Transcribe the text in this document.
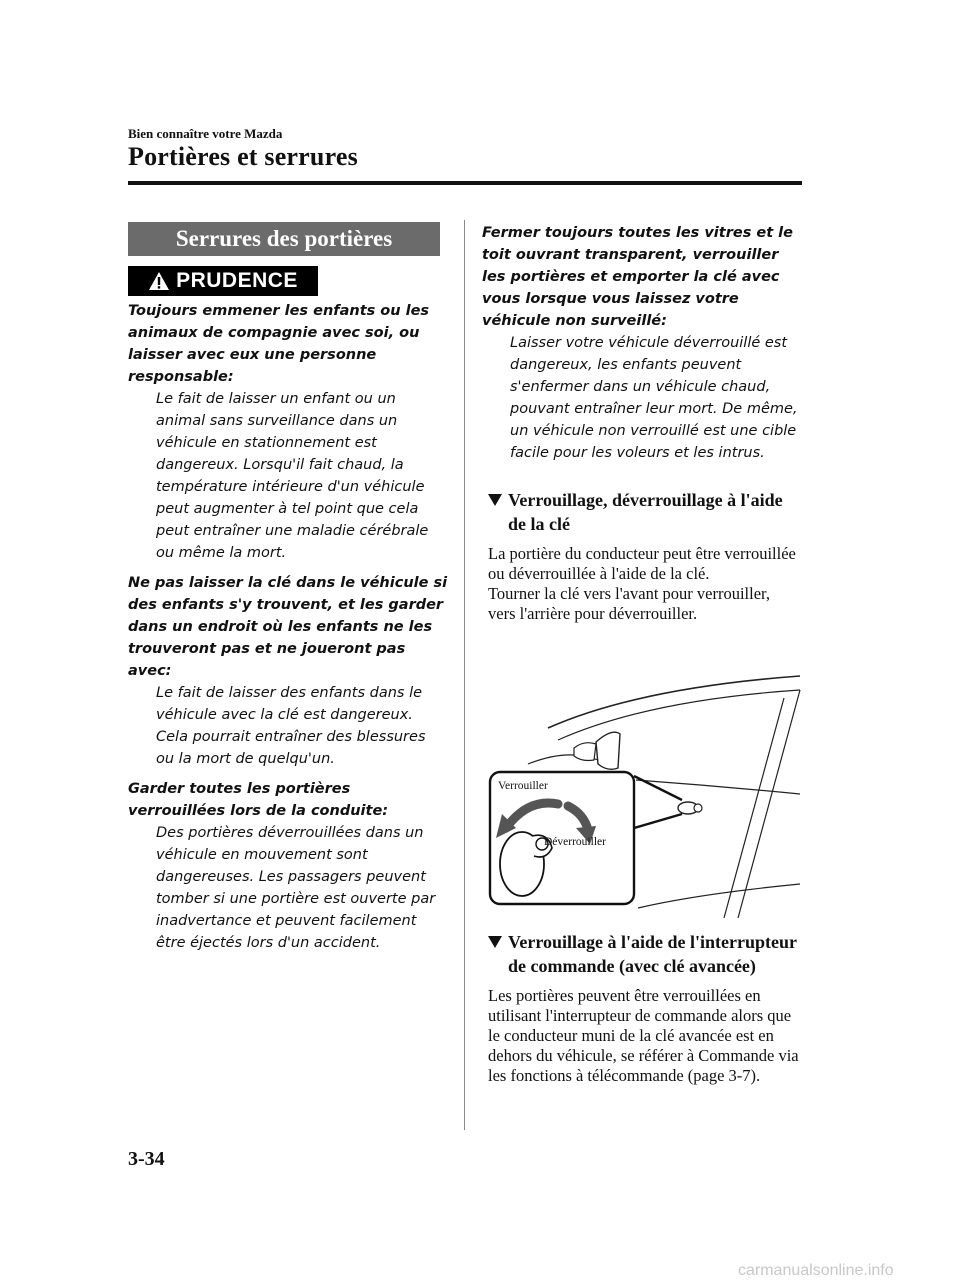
Bien connaître votre Mazda
Portières et serrures
Serrures des portières
PRUDENCE
Toujours emmener les enfants ou les animaux de compagnie avec soi, ou laisser avec eux une personne responsable:
Le fait de laisser un enfant ou un animal sans surveillance dans un véhicule en stationnement est dangereux. Lorsqu'il fait chaud, la température intérieure d'un véhicule peut augmenter à tel point que cela peut entraîner une maladie cérébrale ou même la mort.
Ne pas laisser la clé dans le véhicule si des enfants s'y trouvent, et les garder dans un endroit où les enfants ne les trouveront pas et ne joueront pas avec:
Le fait de laisser des enfants dans le véhicule avec la clé est dangereux. Cela pourrait entraîner des blessures ou la mort de quelqu'un.
Garder toutes les portières verrouillées lors de la conduite:
Des portières déverrouillées dans un véhicule en mouvement sont dangereuses. Les passagers peuvent tomber si une portière est ouverte par inadvertance et peuvent facilement être éjectés lors d'un accident.
Fermer toujours toutes les vitres et le toit ouvrant transparent, verrouiller les portières et emporter la clé avec vous lorsque vous laissez votre véhicule non surveillé:
Laisser votre véhicule déverrouillé est dangereux, les enfants peuvent s'enfermer dans un véhicule chaud, pouvant entraîner leur mort. De même, un véhicule non verrouillé est une cible facile pour les voleurs et les intrus.
Verrouillage, déverrouillage à l'aide de la clé
La portière du conducteur peut être verrouillée ou déverrouillée à l'aide de la clé.
Tourner la clé vers l'avant pour verrouiller, vers l'arrière pour déverrouiller.
Verrouiller
Déverrouiller
Verrouillage à l'aide de l'interrupteur de commande (avec clé avancée)
Les portières peuvent être verrouillées en utilisant l'interrupteur de commande alors que le conducteur muni de la clé avancée est en dehors du véhicule, se référer à Commande via les fonctions à télécommande (page 3-7).
3-34
carmanualsonline.info
